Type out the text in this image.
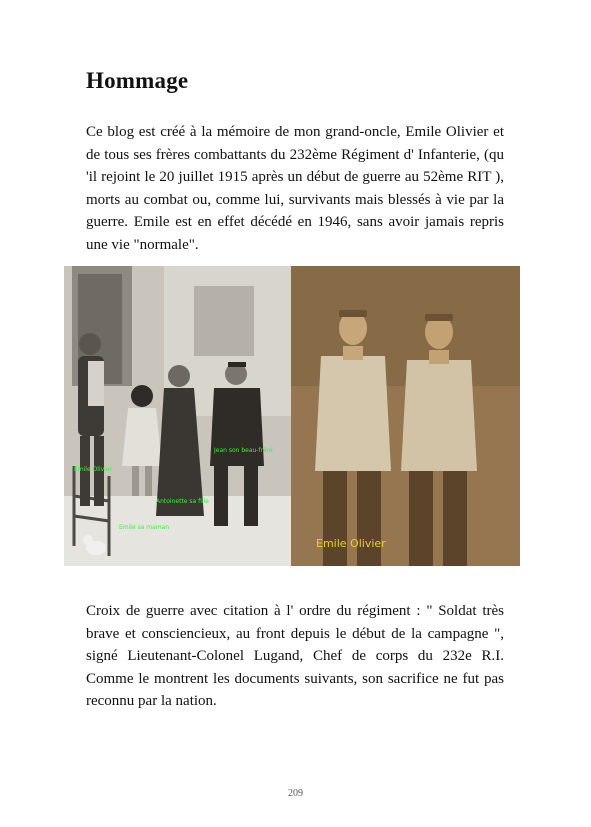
Hommage

Ce blog est créé à la mémoire de mon grand-oncle, Emile Olivier et de tous ses frères combattants du 232ème Régiment d' Infanterie, (qu 'il rejoint le 20 juillet 1915 après un début de guerre au 52ème RIT ), morts au combat ou, comme lui, survivants mais blessés à vie par la guerre. Emile est en effet décédé en 1946, sans avoir jamais repris une vie "normale".

Emile Olivier
Jean son beau-frère
Antoinette sa fille
Emile sa maman
Emile Olivier

Croix de guerre avec citation à l' ordre du régiment : " Soldat très brave et consciencieux, au front depuis le début de la campagne ", signé Lieutenant-Colonel Lugand, Chef de corps du 232e R.I. Comme le montrent les documents suivants, son sacrifice ne fut pas reconnu par la nation.

209
